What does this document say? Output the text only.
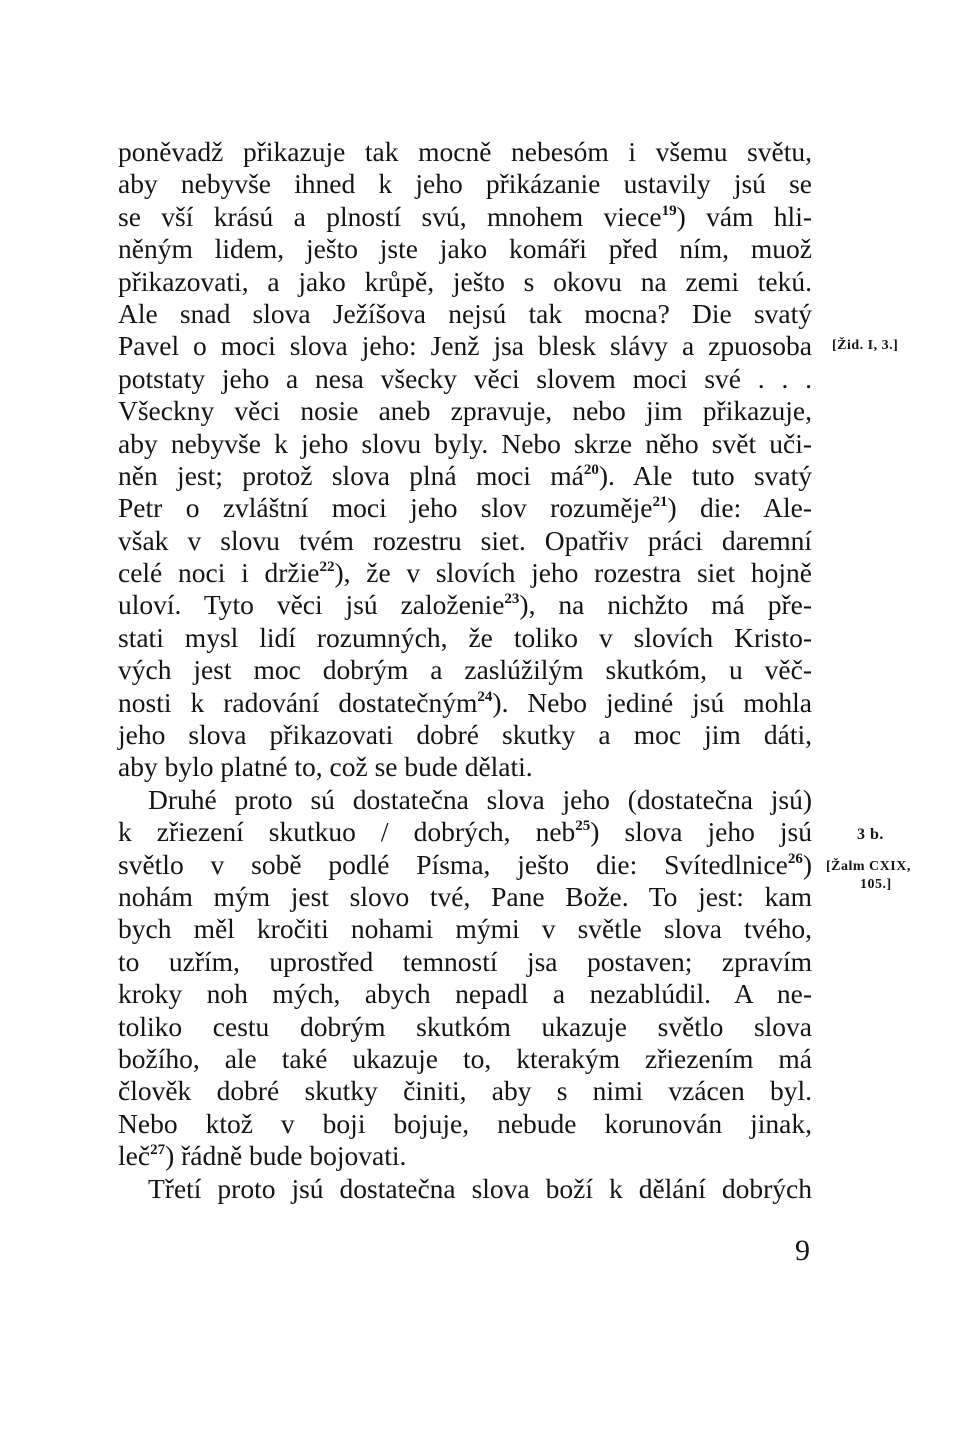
poněvadž přikazuje tak mocně nebesóm i všemu světu,
aby nebyvše ihned k jeho přikázanie ustavily jsú se
se vší krású a plností svú, mnohem viece$^{19}$) vám hli-
něným lidem, ješto jste jako komáři před ním, muož
přikazovati, a jako krůpě, ješto s okovu na zemi tekú.
Ale snad slova Ježíšova nejsú tak mocna? Die svatý
Pavel o moci slova jeho: Jenž jsa blesk slávy a zpuosoba
potstaty jeho a nesa všecky věci slovem moci své . . .
Všeckny věci nosie aneb zpravuje, nebo jim přikazuje,
aby nebyvše k jeho slovu byly. Nebo skrze něho svět uči-
něn jest; protož slova plná moci $má^{20}$). Ale tuto svatý
Petr o zvláštní moci jeho slov rozuměje$^{21}$) die: Ale-
však v slovu tvém rozestru siet. Opatřiv práci daremní
celé noci i držie$^{22}$), že v slovích jeho rozestra siet hojně
uloví. Tyto věci jsú založenie$^{23}$), na nichžto má pře-
stati mysl lidí rozumných, že toliko v slovích Kristo-
vých jest moc dobrým a zaslúžilým skutkóm, u věč-
nosti k radování dostatečným$^{24}$). Nebo jediné jsú mohla
jeho slova přikazovati dobré skutky a moc jim dáti,
aby bylo platné to, což se bude dělati.
Druhé proto sú dostatečna slova jeho (dostatečna jsú)
k zřiezení skutkuo / dobrých, neb$^{25}$) slova jeho jsú
světlo v sobě podlé Písma, ješto die: Svítedlnice$^{26}$)
nohám mým jest slovo tvé, Pane Bože. To jest: kam
bych měl kročiti nohami mými v světle slova tvého,
to uzřím, uprostřed temností jsa postaven; zpravím
kroky noh mých, abych nepadl a nezablúdil. A ne-
toliko cestu dobrým skutkóm ukazuje světlo slova
božího, ale také ukazuje to, kterakým zřiezením má
člověk dobré skutky činiti, aby s nimi vzácen byl.
Nebo ktož v boji bojuje, nebude korunován jinak,
leč$^{27}$) řádně bude bojovati.
Třetí proto jsú dostatečna slova boží k dělání dobrých
[Žid. I, 3.]
3 b.
[Žalm CXIX,
105.]
9
